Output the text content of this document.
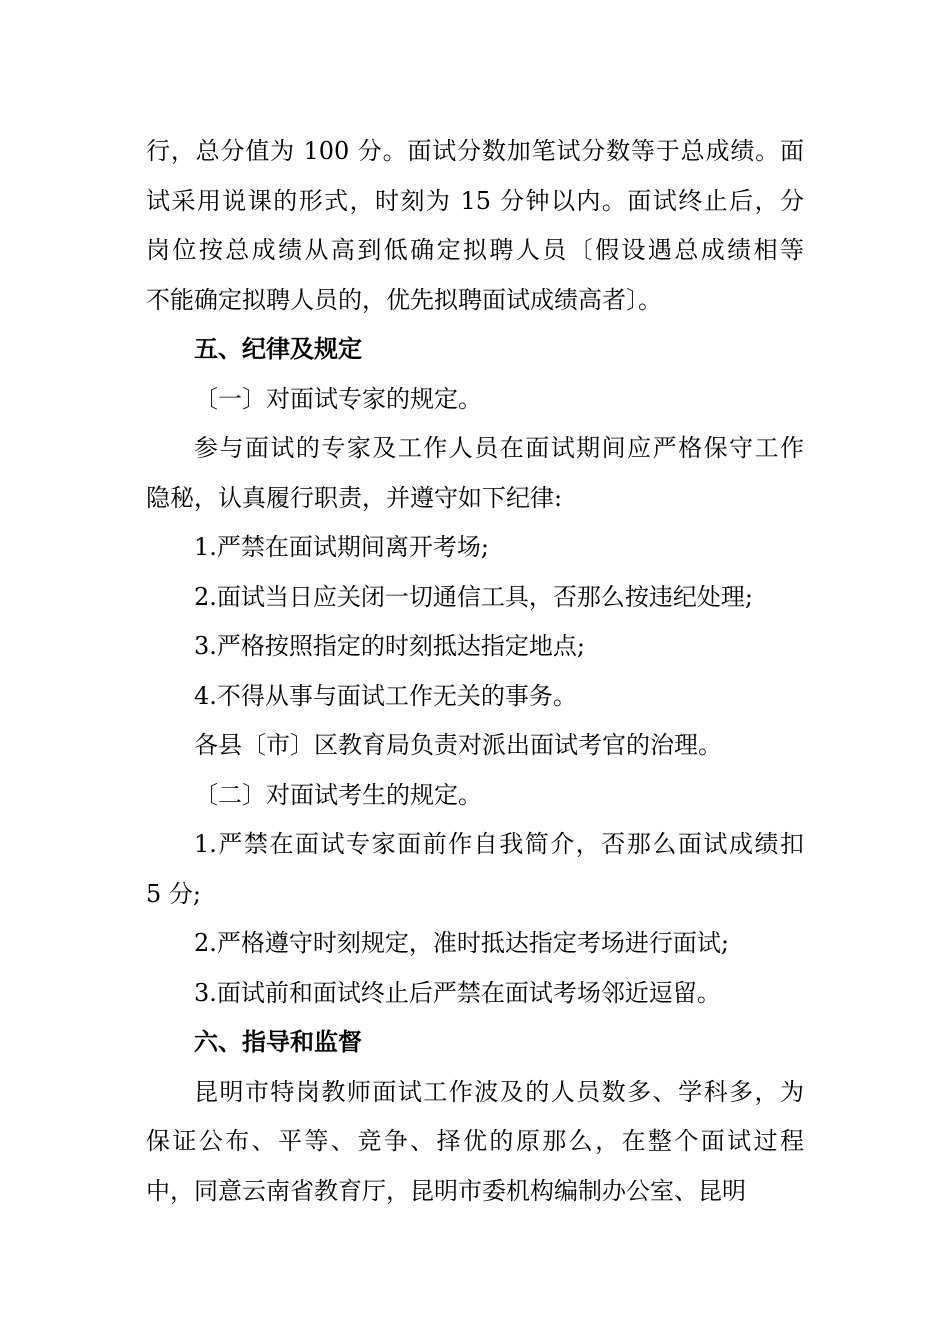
行，总分值为 100 分。面试分数加笔试分数等于总成绩。面
试采用说课的形式，时刻为 15 分钟以内。面试终止后，分
岗位按总成绩从高到低确定拟聘人员〔假设遇总成绩相等
不能确定拟聘人员的，优先拟聘面试成绩高者〕。
五、纪律及规定
〔一〕对面试专家的规定。
参与面试的专家及工作人员在面试期间应严格保守工作
隐秘，认真履行职责，并遵守如下纪律:
1.严禁在面试期间离开考场;
2.面试当日应关闭一切通信工具，否那么按违纪处理;
3.严格按照指定的时刻抵达指定地点;
4.不得从事与面试工作无关的事务。
各县〔市〕区教育局负责对派出面试考官的治理。
〔二〕对面试考生的规定。
1.严禁在面试专家面前作自我简介，否那么面试成绩扣
5 分;
2.严格遵守时刻规定，准时抵达指定考场进行面试;
3.面试前和面试终止后严禁在面试考场邻近逗留。
六、指导和监督
昆明市特岗教师面试工作波及的人员数多、学科多，为
保证公布、平等、竞争、择优的原那么，在整个面试过程
中，同意云南省教育厅，昆明市委机构编制办公室、昆明
